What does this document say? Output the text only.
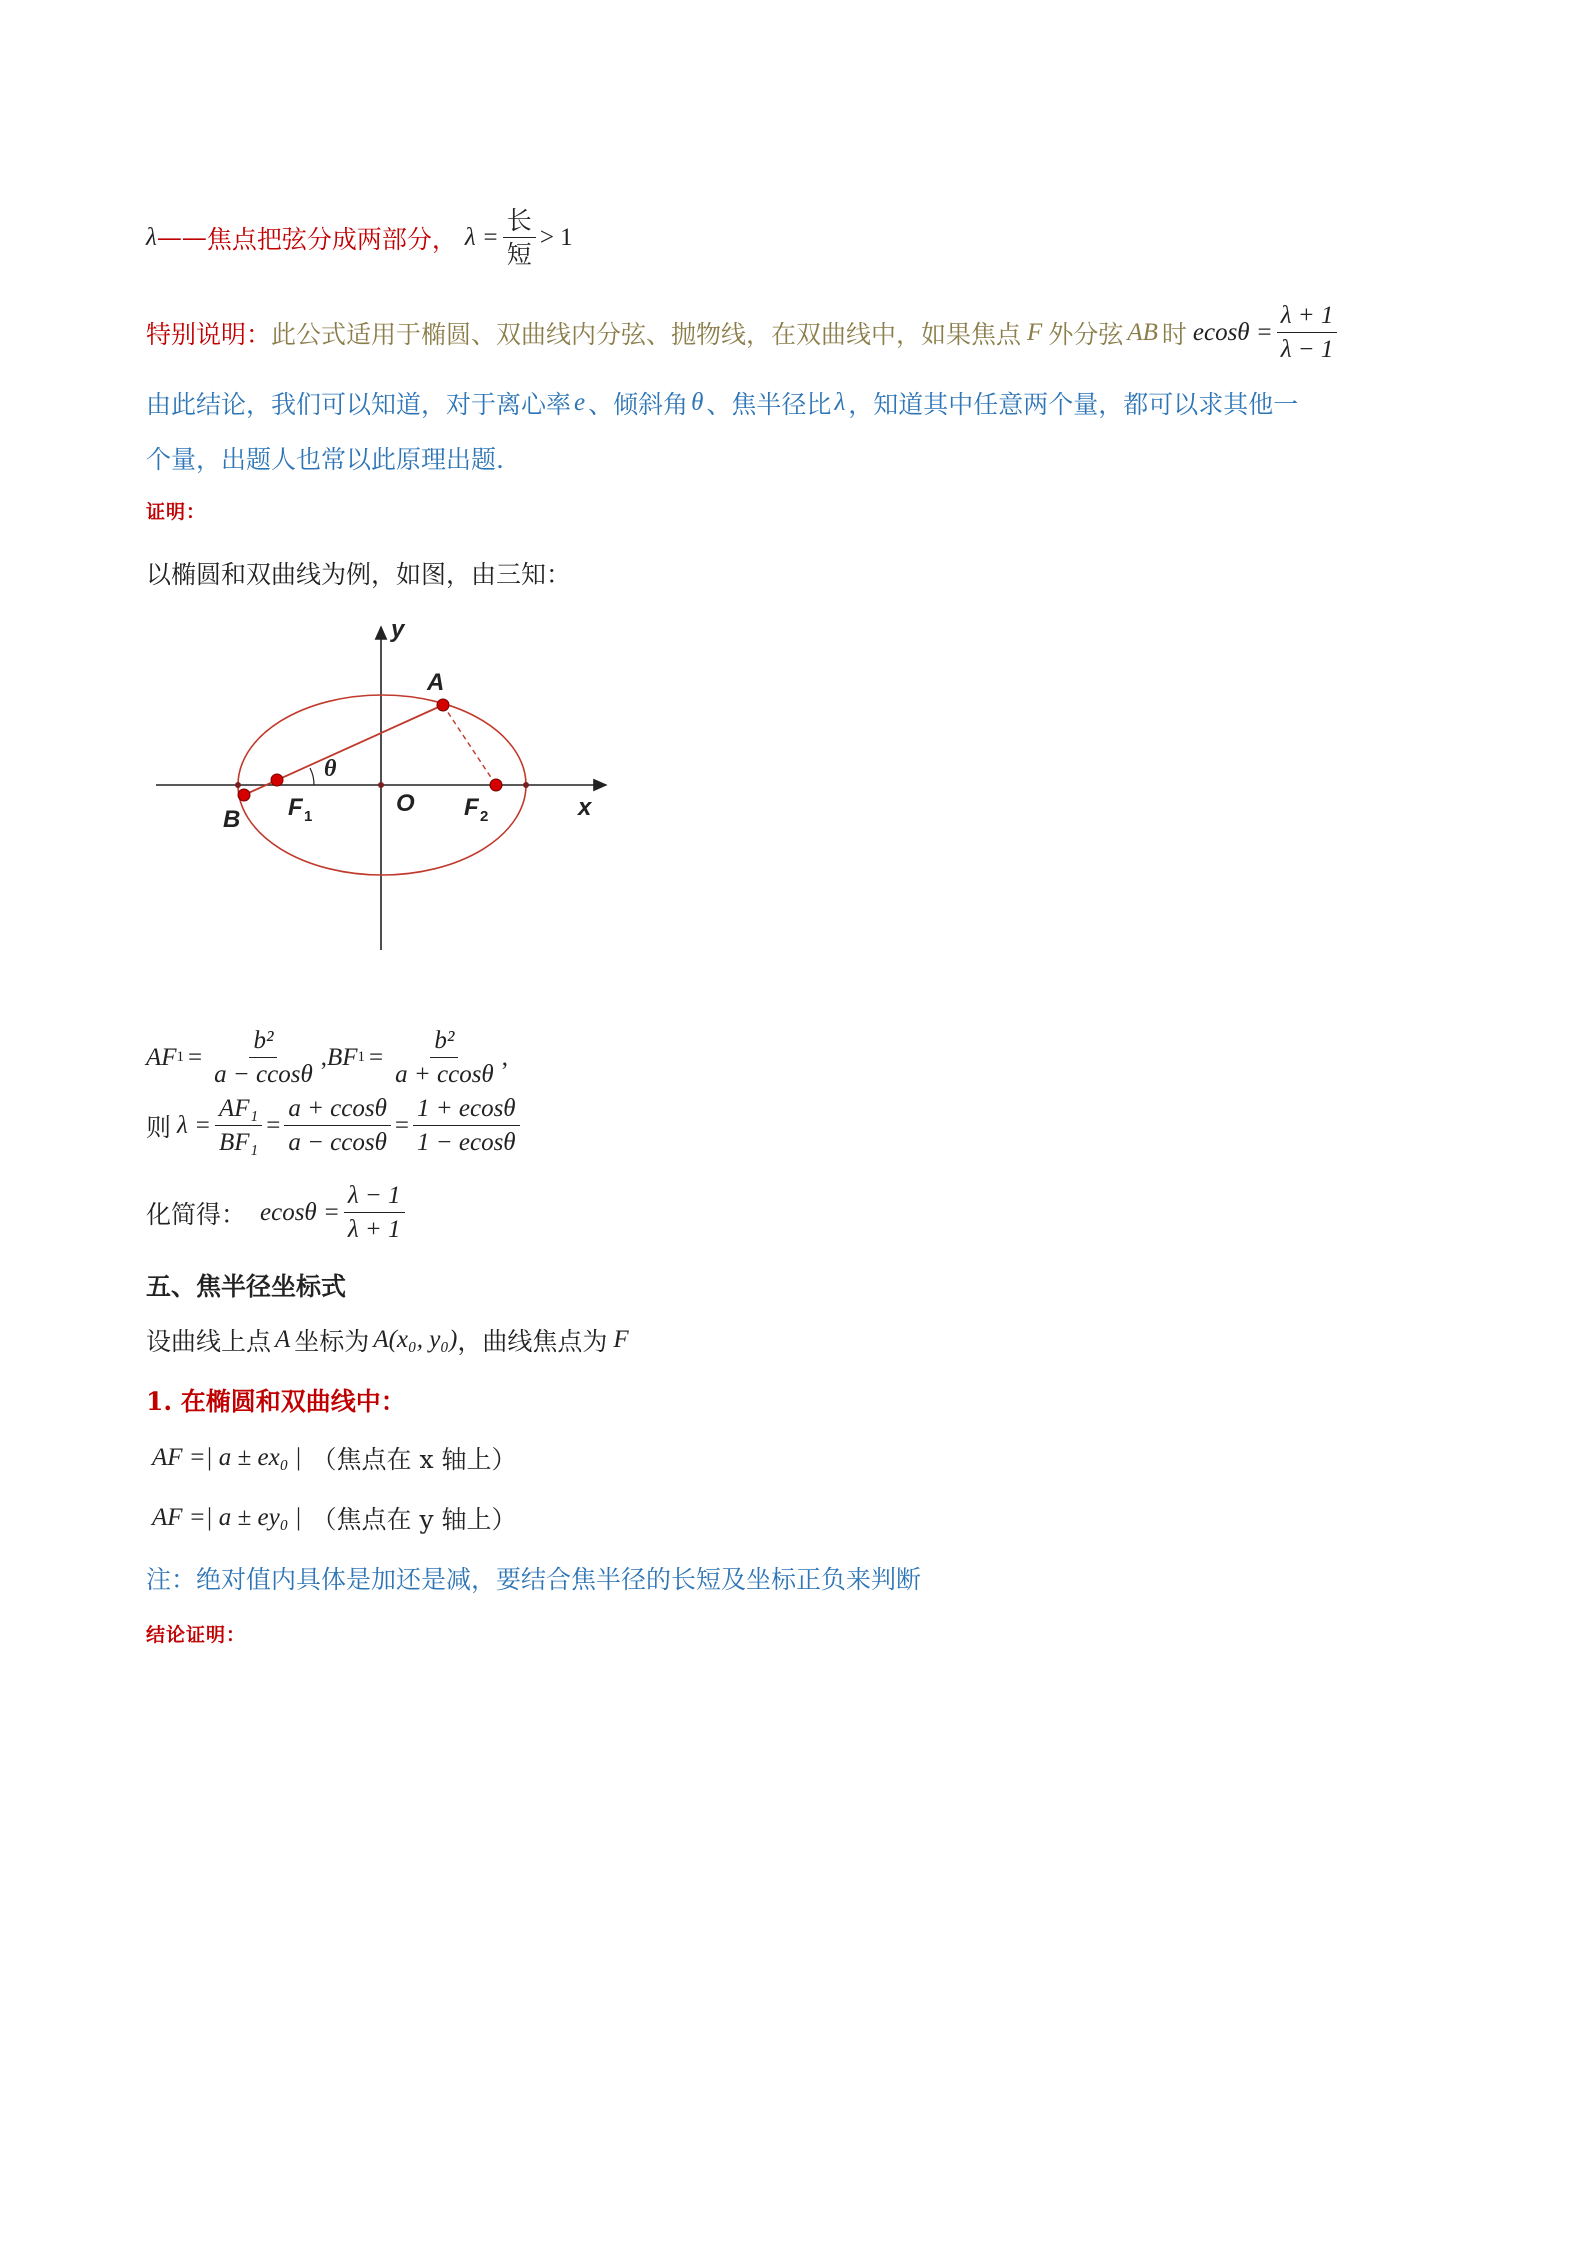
λ —— 焦点把弦分成两部分， $\lambda = \frac{\text{长}}{\text{短}} > 1$
特别说明： 此公式适用于椭圆、双曲线内分弦、抛物线，在双曲线中，如果焦点 F 外分弦 AB 时 $ecos\theta = \frac{\lambda + 1}{\lambda - 1}$
由此结论，我们可以知道，对于离心率 e 、倾斜角 θ 、焦半径比 λ ，知道其中任意两个量，都可以求其他一
个量，出题人也常以此原理出题.
证明：
以椭圆和双曲线为例，如图，由三知：
y
x
O
A
B F 1	F 2
θ
AF $1 = \frac{\text{b²}}{a - ccos\theta}$ , BF $1 = \frac{\text{b²}}{a + ccos\theta}$ ,
则 $\lambda = \frac{\text{AF₁}}{\text{BF₁}} = \frac{a + ccos\theta}{a - ccos\theta} = \frac{1 + ecos\theta}{1 - ecos\theta}$
化简得： $ecos\theta = \frac{\lambda - 1}{\lambda + 1}$
五、焦半径坐标式
设曲线上点 A 坐标为 A(x₀, y₀) ，曲线焦点为 F
1. 在椭圆和双曲线中：
AF =| a ± ex₀ | （焦点在 x 轴上）
AF =| a ± ey₀ | （焦点在 y 轴上）
注：绝对值内具体是加还是减，要结合焦半径的长短及坐标正负来判断
结论证明：
